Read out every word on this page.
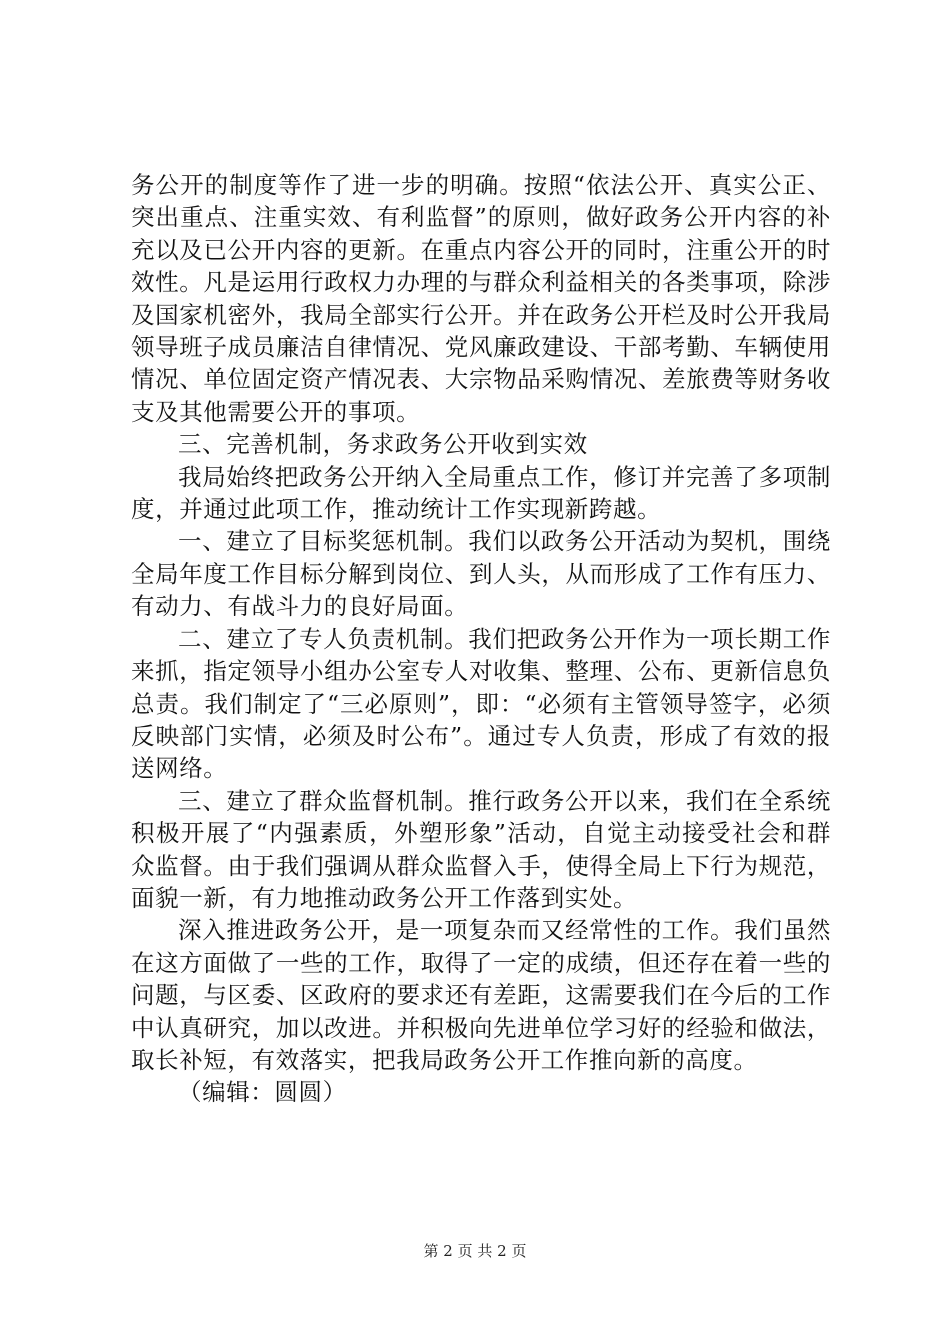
务公开的制度等作了进一步的明确。按照“依法公开、真实公正、突出重点、注重实效、有利监督”的原则，做好政务公开内容的补充以及已公开内容的更新。在重点内容公开的同时，注重公开的时效性。凡是运用行政权力办理的与群众利益相关的各类事项，除涉及国家机密外，我局全部实行公开。并在政务公开栏及时公开我局领导班子成员廉洁自律情况、党风廉政建设、干部考勤、车辆使用情况、单位固定资产情况表、大宗物品采购情况、差旅费等财务收支及其他需要公开的事项。

三、完善机制，务求政务公开收到实效

我局始终把政务公开纳入全局重点工作，修订并完善了多项制度，并通过此项工作，推动统计工作实现新跨越。

一、建立了目标奖惩机制。我们以政务公开活动为契机，围绕全局年度工作目标分解到岗位、到人头，从而形成了工作有压力、有动力、有战斗力的良好局面。

二、建立了专人负责机制。我们把政务公开作为一项长期工作来抓，指定领导小组办公室专人对收集、整理、公布、更新信息负总责。我们制定了“三必原则”，即：“必须有主管领导签字，必须反映部门实情，必须及时公布”。通过专人负责，形成了有效的报送网络。

三、建立了群众监督机制。推行政务公开以来，我们在全系统积极开展了“内强素质，外塑形象”活动，自觉主动接受社会和群众监督。由于我们强调从群众监督入手，使得全局上下行为规范，面貌一新，有力地推动政务公开工作落到实处。

深入推进政务公开，是一项复杂而又经常性的工作。我们虽然在这方面做了一些的工作，取得了一定的成绩，但还存在着一些的问题，与区委、区政府的要求还有差距，这需要我们在今后的工作中认真研究，加以改进。并积极向先进单位学习好的经验和做法，取长补短，有效落实，把我局政务公开工作推向新的高度。

（编辑：圆圆）

第 2 页 共 2 页
